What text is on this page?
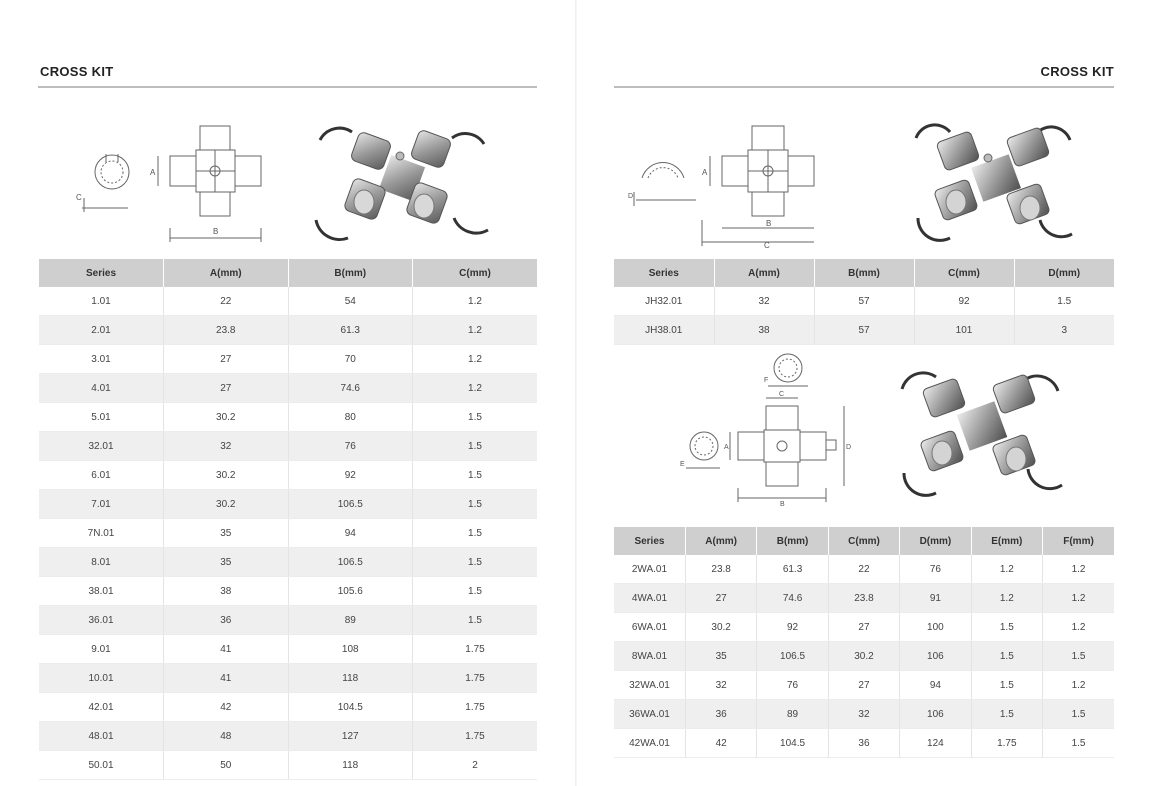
CROSS KIT
A
B
C
Series	A(mm)	B(mm)	C(mm)
1.01	22	54	1.2
2.01	23.8	61.3	1.2
3.01	27	70	1.2
4.01	27	74.6	1.2
5.01	30.2	80	1.5
32.01	32	76	1.5
6.01	30.2	92	1.5
7.01	30.2	106.5	1.5
7N.01	35	94	1.5
8.01	35	106.5	1.5
38.01	38	105.6	1.5
36.01	36	89	1.5
9.01	41	108	1.75
10.01	41	118	1.75
42.01	42	104.5	1.75
48.01	48	127	1.75
50.01	50	118	2
CROSS KIT
A
B
C
D
Series	A(mm)	B(mm)	C(mm)	D(mm)
JH32.01	32	57	92	1.5
JH38.01	38	57	101	3
A
B
C
D
E
F
Series	A(mm)	B(mm)	C(mm)	D(mm)	E(mm)	F(mm)
2WA.01	23.8	61.3	22	76	1.2	1.2
4WA.01	27	74.6	23.8	91	1.2	1.2
6WA.01	30.2	92	27	100	1.5	1.2
8WA.01	35	106.5	30.2	106	1.5	1.5
32WA.01	32	76	27	94	1.5	1.2
36WA.01	36	89	32	106	1.5	1.5
42WA.01	42	104.5	36	124	1.75	1.5
